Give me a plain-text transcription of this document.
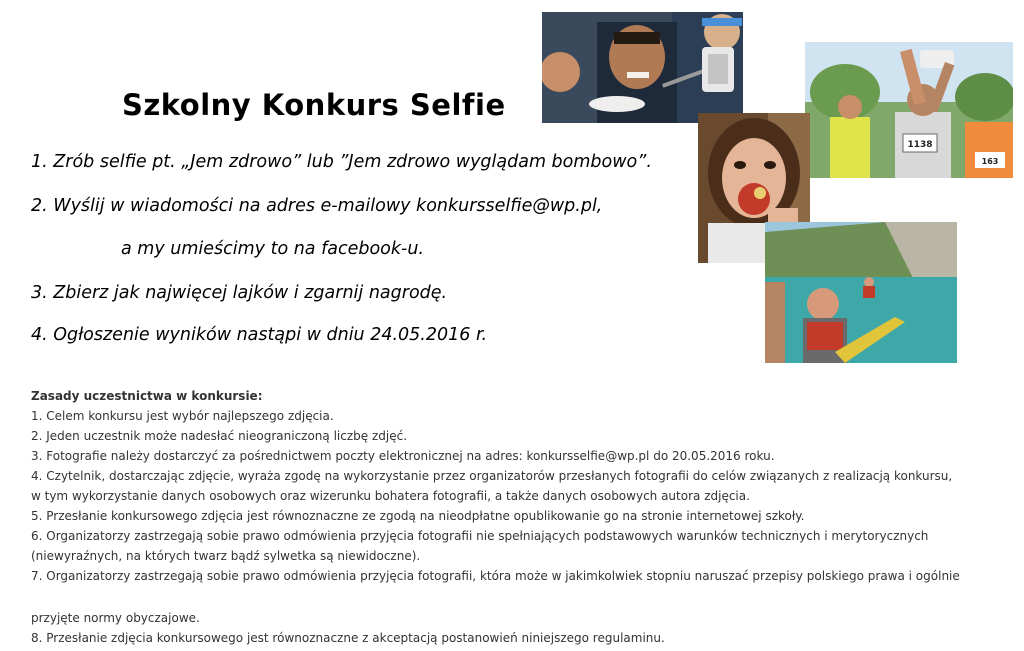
Szkolny Konkurs Selfie
1. Zrób selfie pt. „Jem zdrowo” lub ”Jem zdrowo wyglądam bombowo”.
2. Wyślij w wiadomości na adres e-mailowy konkursselfie@wp.pl,
a my umieścimy to na facebook-u.
3. Zbierz jak najwięcej lajków i zgarnij nagrodę.
4. Ogłoszenie wyników nastąpi w dniu 24.05.2016 r.
Zasady uczestnictwa w konkursie:
1. Celem konkursu jest wybór najlepszego zdjęcia.
2. Jeden uczestnik może nadesłać nieograniczoną liczbę zdjęć.
3. Fotografie należy dostarczyć za pośrednictwem poczty elektronicznej na adres: konkursselfie@wp.pl do 20.05.2016 roku.
4. Czytelnik, dostarczając zdjęcie, wyraża zgodę na wykorzystanie przez organizatorów przesłanych fotografii do celów związanych z realizacją konkursu,
w tym wykorzystanie danych osobowych oraz wizerunku bohatera fotografii, a także danych osobowych autora zdjęcia.
5. Przesłanie konkursowego zdjęcia jest równoznaczne ze zgodą na nieodpłatne opublikowanie go na stronie internetowej szkoły.
6. Organizatorzy zastrzegają sobie prawo odmówienia przyjęcia fotografii nie spełniających podstawowych warunków technicznych i merytorycznych
(niewyraźnych, na których twarz bądź sylwetka są niewidoczne).
7. Organizatorzy zastrzegają sobie prawo odmówienia przyjęcia fotografii, która może w jakimkolwiek stopniu naruszać przepisy polskiego prawa i ogólnie
przyjęte normy obyczajowe.
8. Przesłanie zdjęcia konkursowego jest równoznaczne z akceptacją postanowień niniejszego regulaminu.
1138
163
